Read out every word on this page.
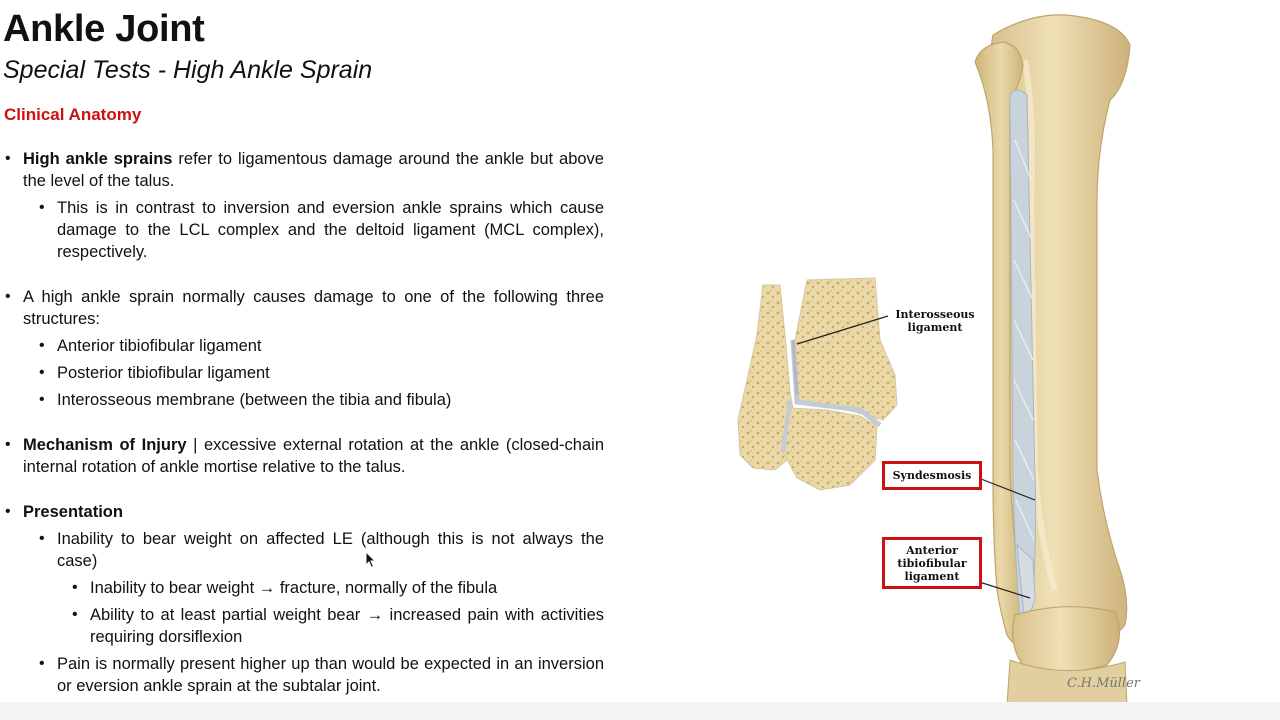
Ankle Joint
Special Tests - High Ankle Sprain
Clinical Anatomy
• High ankle sprains refer to ligamentous damage around the ankle but above the level of the talus.
• This is in contrast to inversion and eversion ankle sprains which cause damage to the LCL complex and the deltoid ligament (MCL complex), respectively.
• A high ankle sprain normally causes damage to one of the following three structures:
• Anterior tibiofibular ligament
• Posterior tibiofibular ligament
• Interosseous membrane (between the tibia and fibula)
• Mechanism of Injury | excessive external rotation at the ankle (closed-chain internal rotation of ankle mortise relative to the talus.
• Presentation
• Inability to bear weight on affected LE (although this is not always the case)
• Inability to bear weight → fracture, normally of the fibula
• Ability to at least partial weight bear → increased pain with activities requiring dorsiflexion
• Pain is normally present higher up than would be expected in an inversion or eversion ankle sprain at the subtalar joint.
Interosseous
ligament
Syndesmosis
Anterior
tibiofibular
ligament
C.H.Müller
